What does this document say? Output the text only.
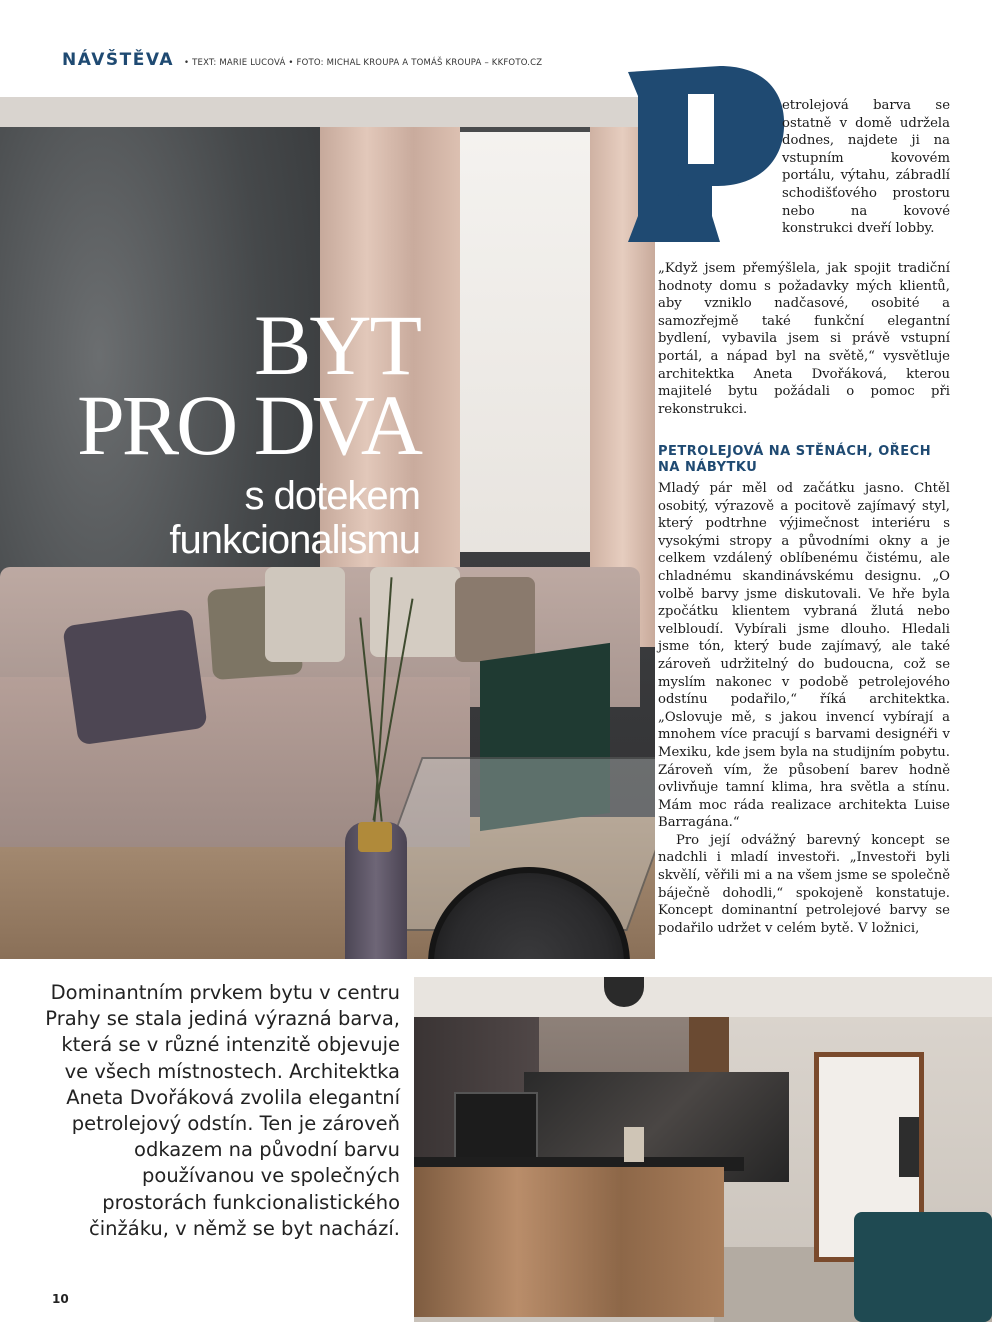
NÁVŠTĚVA • TEXT: MARIE LUCOVÁ • FOTO: MICHAL KROUPA A TOMÁŠ KROUPA – KKFOTO.CZ
BYT
PRO DVA
s dotekem
funkcionalismu
P

etrolejová barva se ostatně v domě udržela dodnes, najdete ji na vstupním kovovém portálu, výtahu, zábradlí schodišťového prostoru nebo na kovové konstrukci dveří lobby.

„Když jsem přemýšlela, jak spojit tradiční hodnoty domu s požadavky mých klientů, aby vzniklo nadčasové, osobité a samozřejmě také funkční elegantní bydlení, vybavila jsem si právě vstupní portál, a nápad byl na světě,“ vysvětluje architektka Aneta Dvořáková, kterou majitelé bytu požádali o pomoc při rekonstrukci.

PETROLEJOVÁ NA STĚNÁCH, OŘECH NA NÁBYTKU

Mladý pár měl od začátku jasno. Chtěl osobitý, výrazově a pocitově zajímavý styl, který podtrhne výjimečnost interiéru s vysokými stropy a původními okny a je celkem vzdálený oblíbenému čistému, ale chladnému skandinávskému designu. „O volbě barvy jsme diskutovali. Ve hře byla zpočátku klientem vybraná žlutá nebo velbloudí. Vybírali jsme dlouho. Hledali jsme tón, který bude zajímavý, ale také zároveň udržitelný do budoucna, což se myslím nakonec v podobě petrolejového odstínu podařilo,“ říká architektka. „Oslovuje mě, s jakou invencí vybírají a mnohem více pracují s barvami designéři v Mexiku, kde jsem byla na studijním pobytu. Zároveň vím, že působení barev hodně ovlivňuje tamní klima, hra světla a stínu. Mám moc ráda realizace architekta Luise Barragána.“

Pro její odvážný barevný koncept se nadchli i mladí investoři. „Investoři byli skvělí, věřili mi a na všem jsme se společně báječně dohodli,“ spokojeně konstatuje. Koncept dominantní petrolejové barvy se podařilo udržet v celém bytě. V ložnici,

Dominantním prvkem bytu v centru Prahy se stala jediná výrazná barva, která se v různé intenzitě objevuje ve všech místnostech. Architektka Aneta Dvořáková zvolila elegantní petrolejový odstín. Ten je zároveň odkazem na původní barvu používanou ve společných prostorách funkcionalistického činžáku, v němž se byt nachází.
10
